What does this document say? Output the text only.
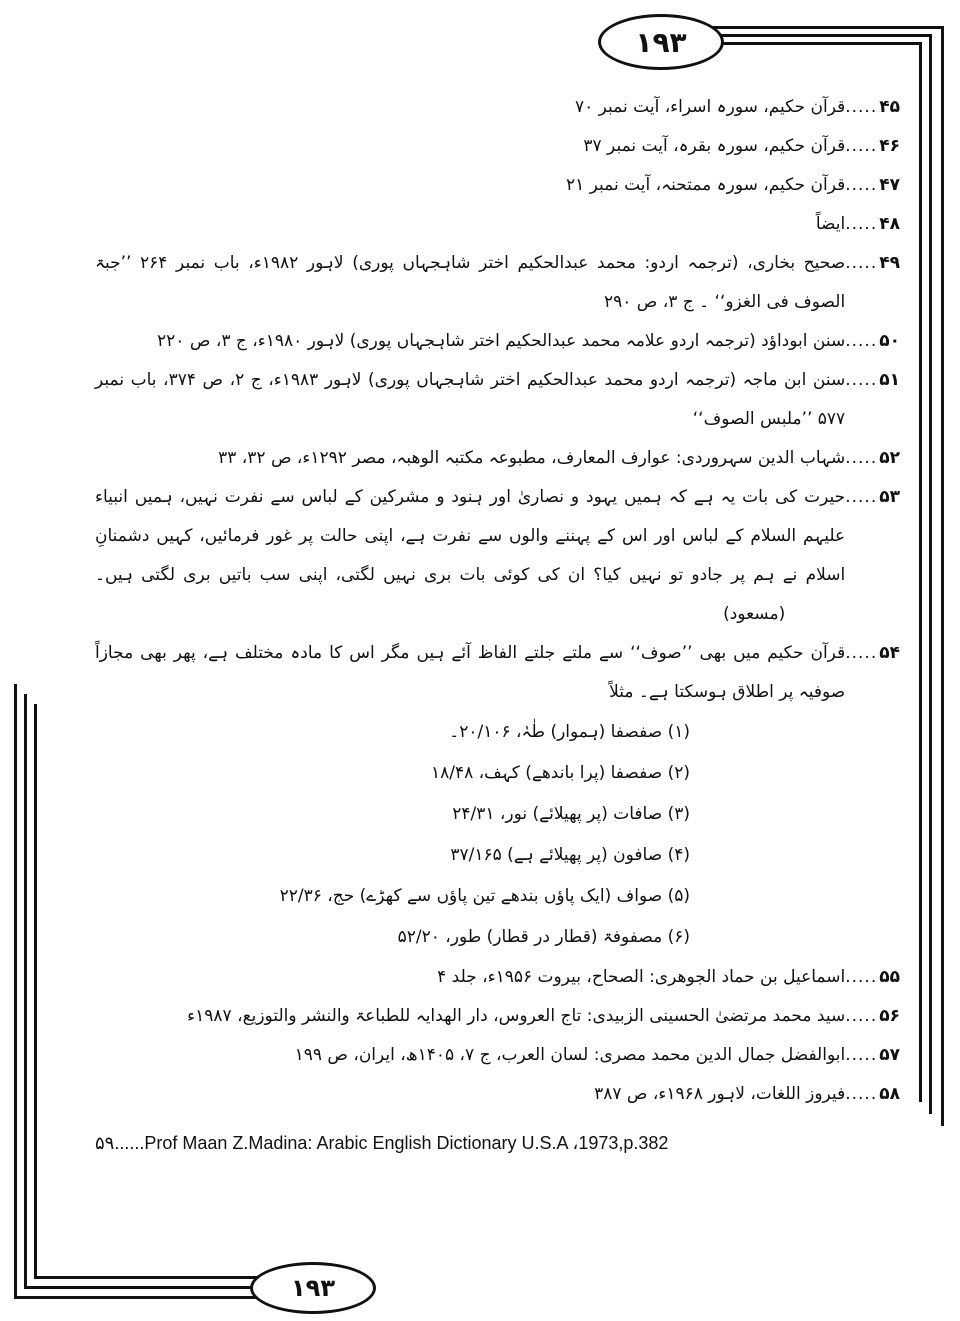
۱۹۳
۱۹۳
۴۵
.....
قرآن حکیم، سورہ اسراء، آیت نمبر ۷۰
۴۶
.....
قرآن حکیم، سورہ بقرہ، آیت نمبر ۳۷
۴۷
.....
قرآن حکیم، سورہ ممتحنہ، آیت نمبر ۲۱
۴۸
.....
ایضاً
۴۹
.....
صحیح بخاری، (ترجمہ اردو: محمد عبدالحکیم اختر شاہجہاں پوری) لاہور ۱۹۸۲ء، باب نمبر ۲۶۴ ’’جبۃ الصوف فی الغزو‘‘ ۔ ج ۳، ص ۲۹۰
۵۰
.....
سنن ابوداؤد (ترجمہ اردو علامہ محمد عبدالحکیم اختر شاہجہاں پوری) لاہور ۱۹۸۰ء، ج ۳، ص ۲۲۰
۵۱
.....
سنن ابن ماجہ (ترجمہ اردو محمد عبدالحکیم اختر شاہجہاں پوری) لاہور ۱۹۸۳ء، ج ۲، ص ۳۷۴، باب نمبر ۵۷۷ ’’ملبس الصوف‘‘
۵۲
.....
شہاب الدین سہروردی: عوارف المعارف، مطبوعہ مکتبہ الوھبہ، مصر ۱۲۹۲ء، ص ۳۲، ۳۳
۵۳
.....
حیرت کی بات یہ ہے کہ ہمیں یہود و نصاریٰ اور ہنود و مشرکین کے لباس سے نفرت نہیں، ہمیں انبیاء علیہم السلام کے لباس اور اس کے پہننے والوں سے نفرت ہے، اپنی حالت پر غور فرمائیں، کہیں دشمنانِ اسلام نے ہم پر جادو تو نہیں کیا؟ ان کی کوئی بات بری نہیں لگتی، اپنی سب باتیں بری لگتی ہیں۔ (مسعود)
۵۴
.....
قرآن حکیم میں بھی ’’صوف‘‘ سے ملتے جلتے الفاظ آئے ہیں مگر اس کا مادہ مختلف ہے، پھر بھی مجازاً صوفیہ پر اطلاق ہوسکتا ہے۔ مثلاً
(۱) صفصفا (ہموار) طٰہٰ، ۲۰/۱۰۶۔
(۲) صفصفا (پرا باندھے) کہف، ۱۸/۴۸
(۳) صافات (پر پھیلائے) نور، ۲۴/۳۱
(۴) صافون (پر پھیلائے ہے) ۳۷/۱۶۵
(۵) صواف (ایک پاؤں بندھے تین پاؤں سے کھڑے) حج، ۲۲/۳۶
(۶) مصفوفۃ (قطار در قطار) طور، ۵۲/۲۰
۵۵
.....
اسماعیل بن حماد الجوھری: الصحاح، بیروت ۱۹۵۶ء، جلد ۴
۵۶
.....
سید محمد مرتضیٰ الحسینی الزبیدی: تاج العروس، دار الھدایہ للطباعۃ والنشر والتوزیع، ۱۹۸۷ء
۵۷
.....
ابوالفضل جمال الدین محمد مصری: لسان العرب، ج ۷، ۱۴۰۵ھ، ایران، ص ۱۹۹
۵۸
.....
فیروز اللغات، لاہور ۱۹۶۸ء، ص ۳۸۷
۵۹......Prof Maan Z.Madina: Arabic English Dictionary U.S.A ،1973,p.382
